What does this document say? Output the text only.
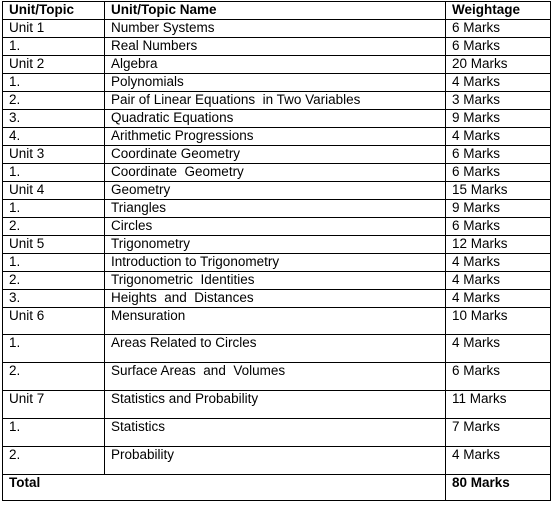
Unit/Topic	Unit/Topic Name	Weightage
Unit 1	Number Systems	6 Marks
1.	Real Numbers	6 Marks
Unit 2	Algebra	20 Marks
1.	Polynomials	4 Marks
2.	Pair of Linear Equations  in Two Variables	3 Marks
3.	Quadratic Equations	9 Marks
4.	Arithmetic Progressions	4 Marks
Unit 3	Coordinate Geometry	6 Marks
1.	Coordinate  Geometry	6 Marks
Unit 4	Geometry	15 Marks
1.	Triangles	9 Marks
2.	Circles	6 Marks
Unit 5	Trigonometry	12 Marks
1.	Introduction to Trigonometry	4 Marks
2.	Trigonometric  Identities	4 Marks
3.	Heights  and  Distances	4 Marks
Unit 6	Mensuration	10 Marks
1.	Areas Related to Circles	4 Marks
2.	Surface Areas  and  Volumes	6 Marks
Unit 7	Statistics and Probability	11 Marks
1.	Statistics	7 Marks
2.	Probability	4 Marks
Total		80 Marks
